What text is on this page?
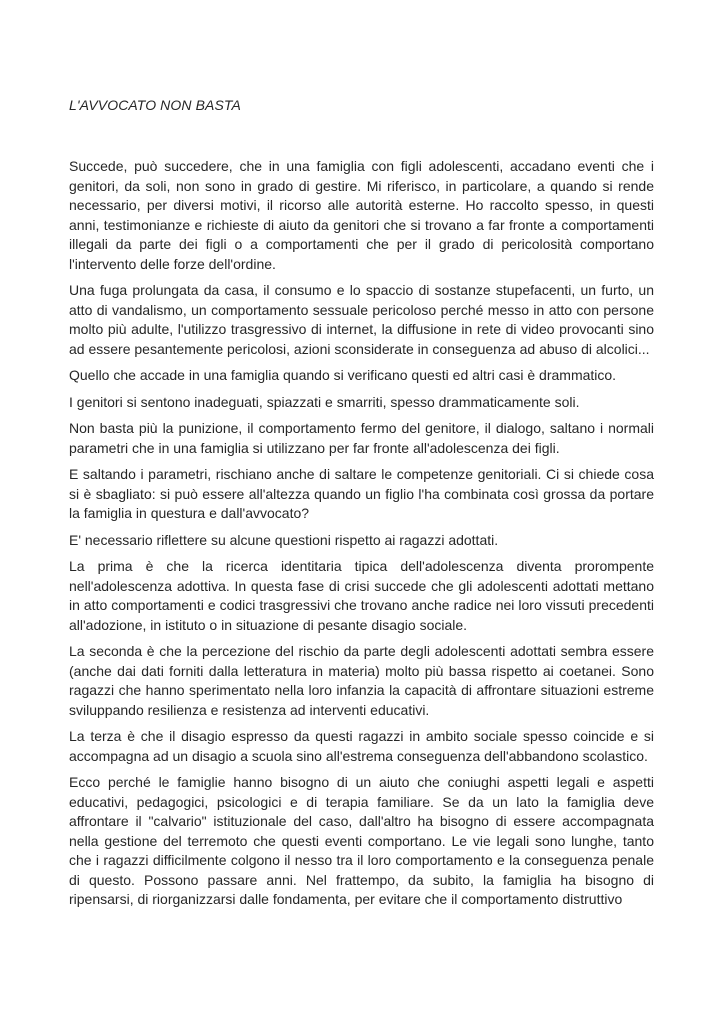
L'AVVOCATO NON BASTA

Succede, può succedere, che in una famiglia con figli adolescenti, accadano eventi che i genitori, da soli, non sono in grado di gestire. Mi riferisco, in particolare, a quando si rende necessario, per diversi motivi, il ricorso alle autorità esterne. Ho raccolto spesso, in questi anni, testimonianze e richieste di aiuto da genitori che si trovano a far fronte a comportamenti illegali da parte dei figli o a comportamenti che per il grado di pericolosità comportano l'intervento delle forze dell'ordine.

Una fuga prolungata da casa, il consumo e lo spaccio di sostanze stupefacenti, un furto, un atto di vandalismo, un comportamento sessuale pericoloso perché messo in atto con persone molto più adulte, l'utilizzo trasgressivo di internet, la diffusione in rete di video provocanti sino ad essere pesantemente pericolosi, azioni sconsiderate in conseguenza ad abuso di alcolici...

Quello che accade in una famiglia quando si verificano questi ed altri casi è drammatico.

I genitori si sentono inadeguati, spiazzati e smarriti, spesso drammaticamente soli.

Non basta più la punizione, il comportamento fermo del genitore, il dialogo, saltano i normali parametri che in una famiglia si utilizzano per far fronte all'adolescenza dei figli.

E saltando i parametri, rischiano anche di saltare le competenze genitoriali. Ci si chiede cosa si è sbagliato: si può essere all'altezza quando un figlio l'ha combinata così grossa da portare la famiglia in questura e dall'avvocato?

E' necessario riflettere su alcune questioni rispetto ai ragazzi adottati.

La prima è che la ricerca identitaria tipica dell'adolescenza diventa prorompente nell'adolescenza adottiva. In questa fase di crisi succede che gli adolescenti adottati mettano in atto comportamenti e codici trasgressivi che trovano anche radice nei loro vissuti precedenti all'adozione, in istituto o in situazione di pesante disagio sociale.

La seconda è che la percezione del rischio da parte degli adolescenti adottati sembra essere (anche dai dati forniti dalla letteratura in materia) molto più bassa rispetto ai coetanei. Sono ragazzi che hanno sperimentato nella loro infanzia la capacità di affrontare situazioni estreme sviluppando resilienza e resistenza ad interventi educativi.

La terza è che il disagio espresso da questi ragazzi in ambito sociale spesso coincide e si accompagna ad un disagio a scuola sino all'estrema conseguenza dell'abbandono scolastico.

Ecco perché le famiglie hanno bisogno di un aiuto che coniughi aspetti legali e aspetti educativi, pedagogici, psicologici e di terapia familiare. Se da un lato la famiglia deve affrontare il "calvario" istituzionale del caso, dall'altro ha bisogno di essere accompagnata nella gestione del terremoto che questi eventi comportano. Le vie legali sono lunghe, tanto che i ragazzi difficilmente colgono il nesso tra il loro comportamento e la conseguenza penale di questo. Possono passare anni. Nel frattempo, da subito, la famiglia ha bisogno di ripensarsi, di riorganizzarsi dalle fondamenta, per evitare che il comportamento distruttivo
